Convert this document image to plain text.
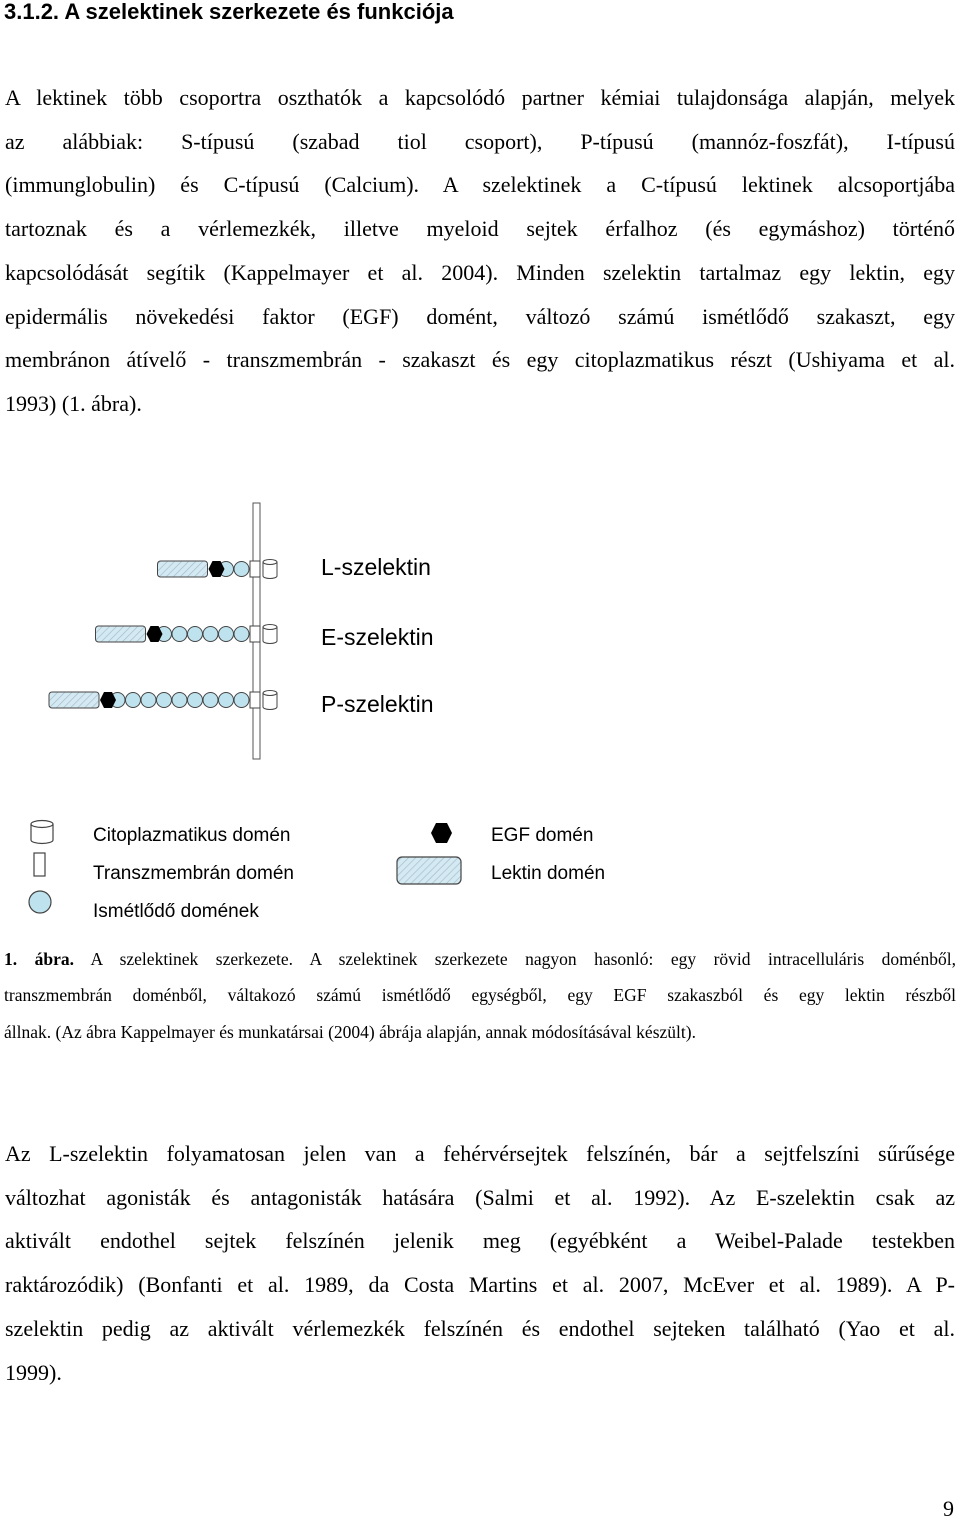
3.1.2. A szelektinek szerkezete és funkciója
A lektinek több csoportra oszthatók a kapcsolódó partner kémiai tulajdonsága alapján, melyek
az alábbiak: S-típusú (szabad tiol csoport), P-típusú (mannóz-foszfát), I-típusú
(immunglobulin) és C-típusú (Calcium). A szelektinek a C-típusú lektinek alcsoportjába
tartoznak és a vérlemezkék, illetve myeloid sejtek érfalhoz (és egymáshoz) történő
kapcsolódását segítik (Kappelmayer et al. 2004). Minden szelektin tartalmaz egy lektin, egy
epidermális növekedési faktor (EGF) domént, változó számú ismétlődő szakaszt, egy
membránon átívelő - transzmembrán - szakaszt és egy citoplazmatikus részt (Ushiyama et al.
1993) (1. ábra).
L-szelektin
E-szelektin
P-szelektin
Citoplazmatikus domén
Transzmembrán domén
Ismétlődő domének
EGF domén
Lektin domén
1. ábra. A szelektinek szerkezete. A szelektinek szerkezete nagyon hasonló: egy rövid intracelluláris doménből,
transzmembrán doménből, váltakozó számú ismétlődő egységből, egy EGF szakaszból és egy lektin részből
állnak. (Az ábra Kappelmayer és munkatársai (2004) ábrája alapján, annak módosításával készült).
Az L-szelektin folyamatosan jelen van a fehérvérsejtek felszínén, bár a sejtfelszíni sűrűsége
változhat agonisták és antagonisták hatására (Salmi et al. 1992). Az E-szelektin csak az
aktivált endothel sejtek felszínén jelenik meg (egyébként a Weibel-Palade testekben
raktározódik) (Bonfanti et al. 1989, da Costa Martins et al. 2007, McEver et al. 1989). A P-
szelektin pedig az aktivált vérlemezkék felszínén és endothel sejteken található (Yao et al.
1999).
9
